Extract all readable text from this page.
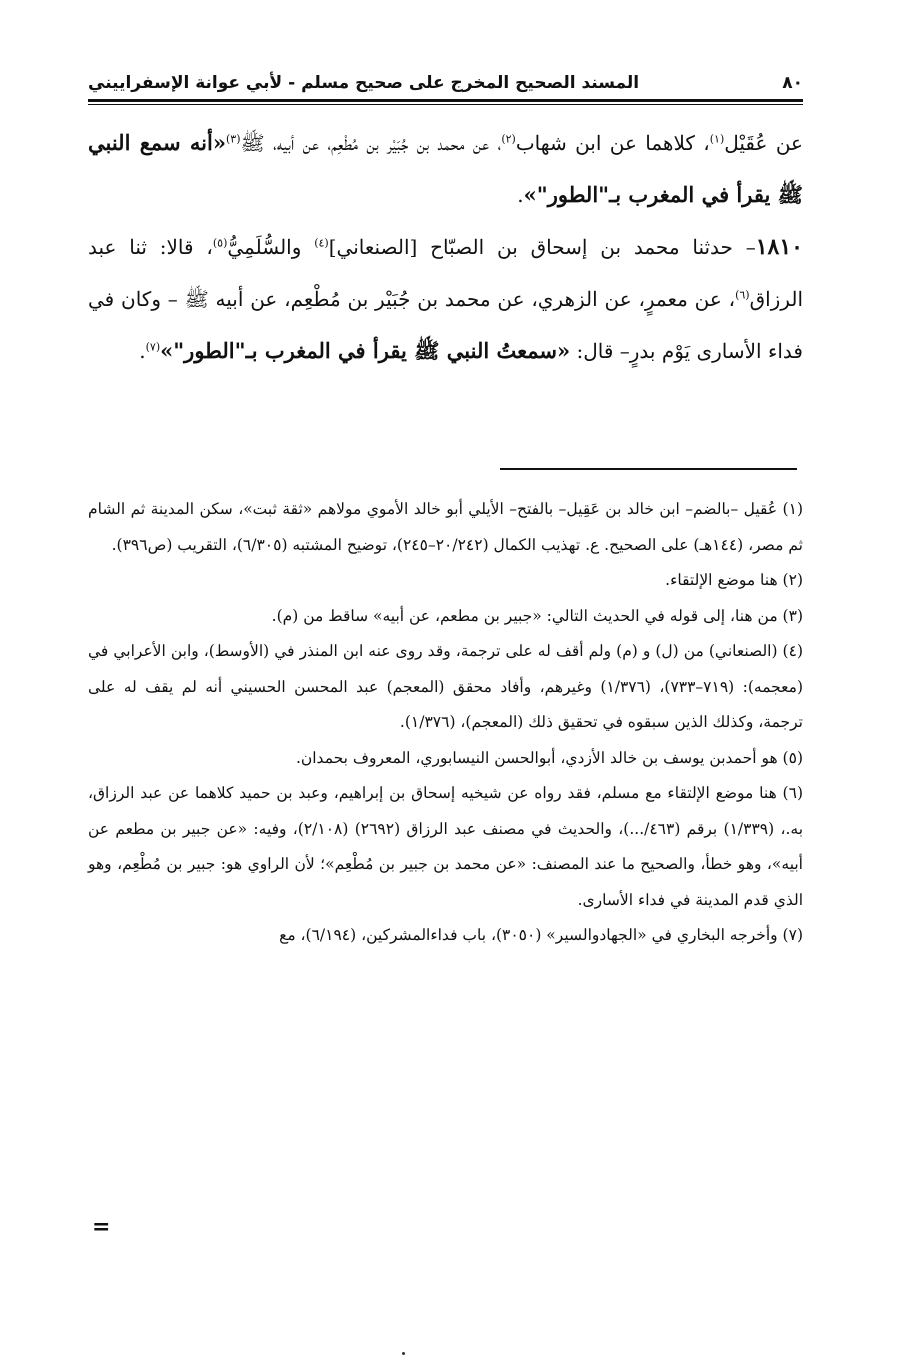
٨٠
المسند الصحيح المخرج على صحيح مسلم - لأبي عوانة الإسفراييني

عن عُقَيْل$^{(١)}$، كلاهما عن ابن شهاب$^{(٢)}$، عن محمد بن جُبَيْر بن مُطْعِم، عن أبيه، ﷺ$^{(٣)}$«أنه سمع النبي ﷺ يقرأ في المغرب بـ"الطور"».

١٨١٠– حدثنا محمد بن إسحاق بن الصبّاح [الصنعاني]$^{(٤)}$ والسُّلَمِيُّ$^{(٥)}$، قالا: ثنا عبد الرزاق$^{(٦)}$، عن معمرٍ، عن الزهري، عن محمد بن جُبَيْر بن مُطْعِم، عن أبيه ﷺ – وكان في فداء الأسارى يَوْم بدرٍ– قال: «سمعتُ النبي ﷺ يقرأ في المغرب بـ"الطور"»$^{(٧)}$.

(١) عُقيل –بالضم– ابن خالد بن عَقِيل– بالفتح– الأيلي أبو خالد الأموي مولاهم «ثقة ثبت»، سكن المدينة ثم الشام ثم مصر، (١٤٤هـ) على الصحيح. ع. تهذيب الكمال (٢٠/٢٤٢–٢٤٥)، توضيح المشتبه (٦/٣٠٥)، التقريب (ص٣٩٦).

(٢) هنا موضع الإلتقاء.

(٣) من هنا، إلى قوله في الحديث التالي: «جبير بن مطعم، عن أبيه» ساقط من (م).

(٤) (الصنعاني) من (ل) و (م) ولم أقف له على ترجمة، وقد روى عنه ابن المنذر في (الأوسط)، وابن الأعرابي في (معجمه): (٧١٩–٧٣٣)، (١/٣٧٦) وغيرهم، وأفاد محقق (المعجم) عبد المحسن الحسيني أنه لم يقف له على ترجمة، وكذلك الذين سبقوه في تحقيق ذلك (المعجم)، (١/٣٧٦).

(٥) هو أحمدبن يوسف بن خالد الأزدي، أبوالحسن النيسابوري، المعروف بحمدان.

(٦) هنا موضع الإلتقاء مع مسلم، فقد رواه عن شيخيه إسحاق بن إبراهيم، وعبد بن حميد كلاهما عن عبد الرزاق، به.، (١/٣٣٩) برقم (٤٦٣/...)، والحديث في مصنف عبد الرزاق (٢٦٩٢) (٢/١٠٨)، وفيه: «عن جبير بن مطعم عن أبيه»، وهو خطأ، والصحيح ما عند المصنف: «عن محمد بن جبير بن مُطْعِم»؛ لأن الراوي هو: جبير بن مُطْعِم، وهو الذي قدم المدينة في فداء الأسارى.

(٧) وأخرجه البخاري في «الجهادوالسير» (٣٠٥٠)، باب فداءالمشركين، (٦/١٩٤)، مع

=
